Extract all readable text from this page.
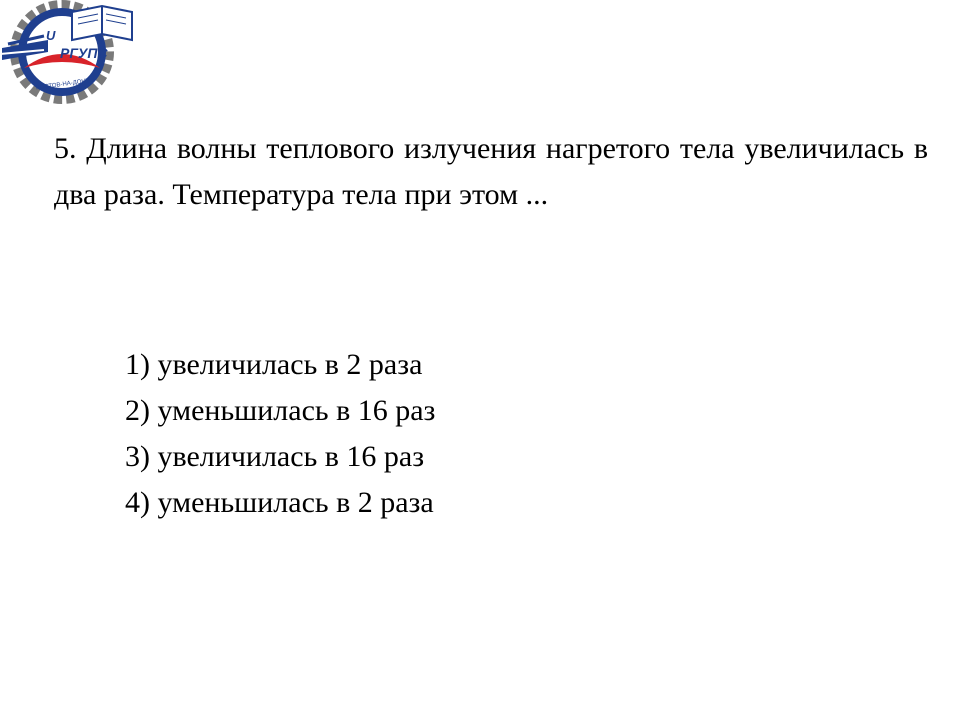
РГУПС
U
РОСТОВ-НА-ДОНУ

5. Длина волны теплового излучения нагретого тела увеличилась в два раза. Температура тела при этом ...

1) увеличилась в 2 раза
2) уменьшилась в 16 раз
3) увеличилась в 16 раз
4) уменьшилась в 2 раза
